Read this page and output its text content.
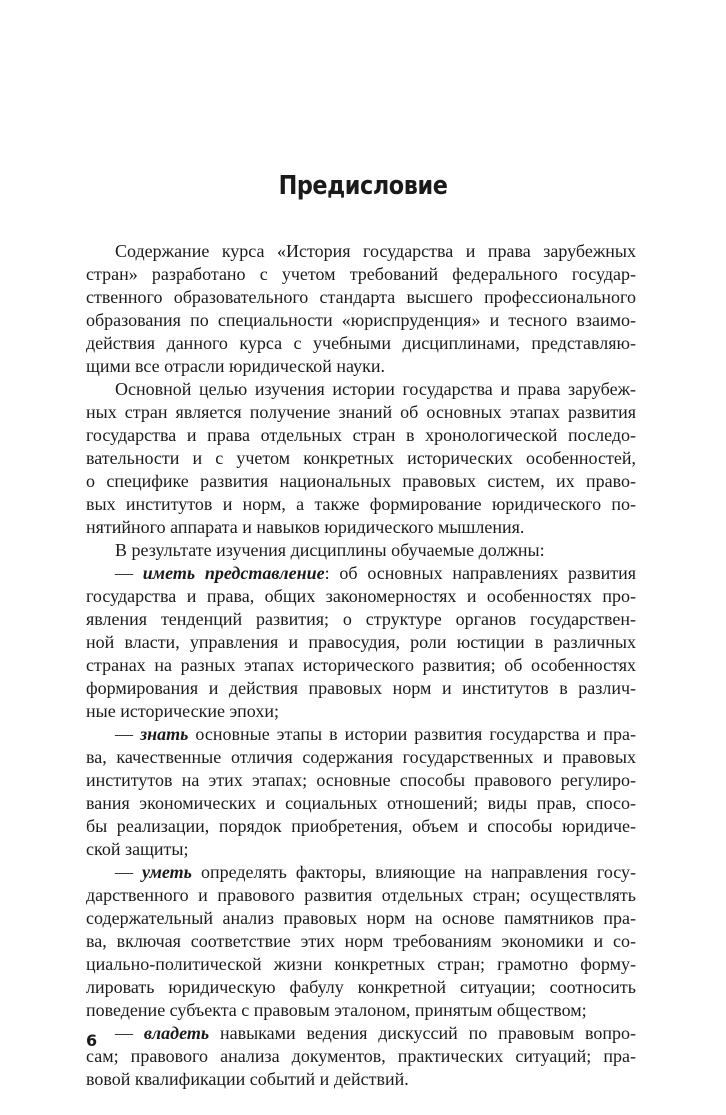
Предисловие
Содержание курса «История государства и права зарубежных
стран» разработано с учетом требований федерального государ-
ственного образовательного стандарта высшего профессионального
образования по специальности «юриспруденция» и тесного взаимо-
действия данного курса с учебными дисциплинами, представляю-
щими все отрасли юридической науки.
Основной целью изучения истории государства и права зарубеж-
ных стран является получение знаний об основных этапах развития
государства и права отдельных стран в хронологической последо-
вательности и с учетом конкретных исторических особенностей,
о специфике развития национальных правовых систем, их право-
вых институтов и норм, а также формирование юридического по-
нятийного аппарата и навыков юридического мышления.
В результате изучения дисциплины обучаемые должны:
— иметь представление: об основных направлениях развития
государства и права, общих закономерностях и особенностях про-
явления тенденций развития; о структуре органов государствен-
ной власти, управления и правосудия, роли юстиции в различных
странах на разных этапах исторического развития; об особенностях
формирования и действия правовых норм и институтов в различ-
ные исторические эпохи;
— знать основные этапы в истории развития государства и пра-
ва, качественные отличия содержания государственных и правовых
институтов на этих этапах; основные способы правового регулиро-
вания экономических и социальных отношений; виды прав, спосо-
бы реализации, порядок приобретения, объем и способы юридиче-
ской защиты;
— уметь определять факторы, влияющие на направления госу-
дарственного и правового развития отдельных стран; осуществлять
содержательный анализ правовых норм на основе памятников пра-
ва, включая соответствие этих норм требованиям экономики и со-
циально-политической жизни конкретных стран; грамотно форму-
лировать юридическую фабулу конкретной ситуации; соотносить
поведение субъекта с правовым эталоном, принятым обществом;
— владеть навыками ведения дискуссий по правовым вопро-
сам; правового анализа документов, практических ситуаций; пра-
вовой квалификации событий и действий.
6
